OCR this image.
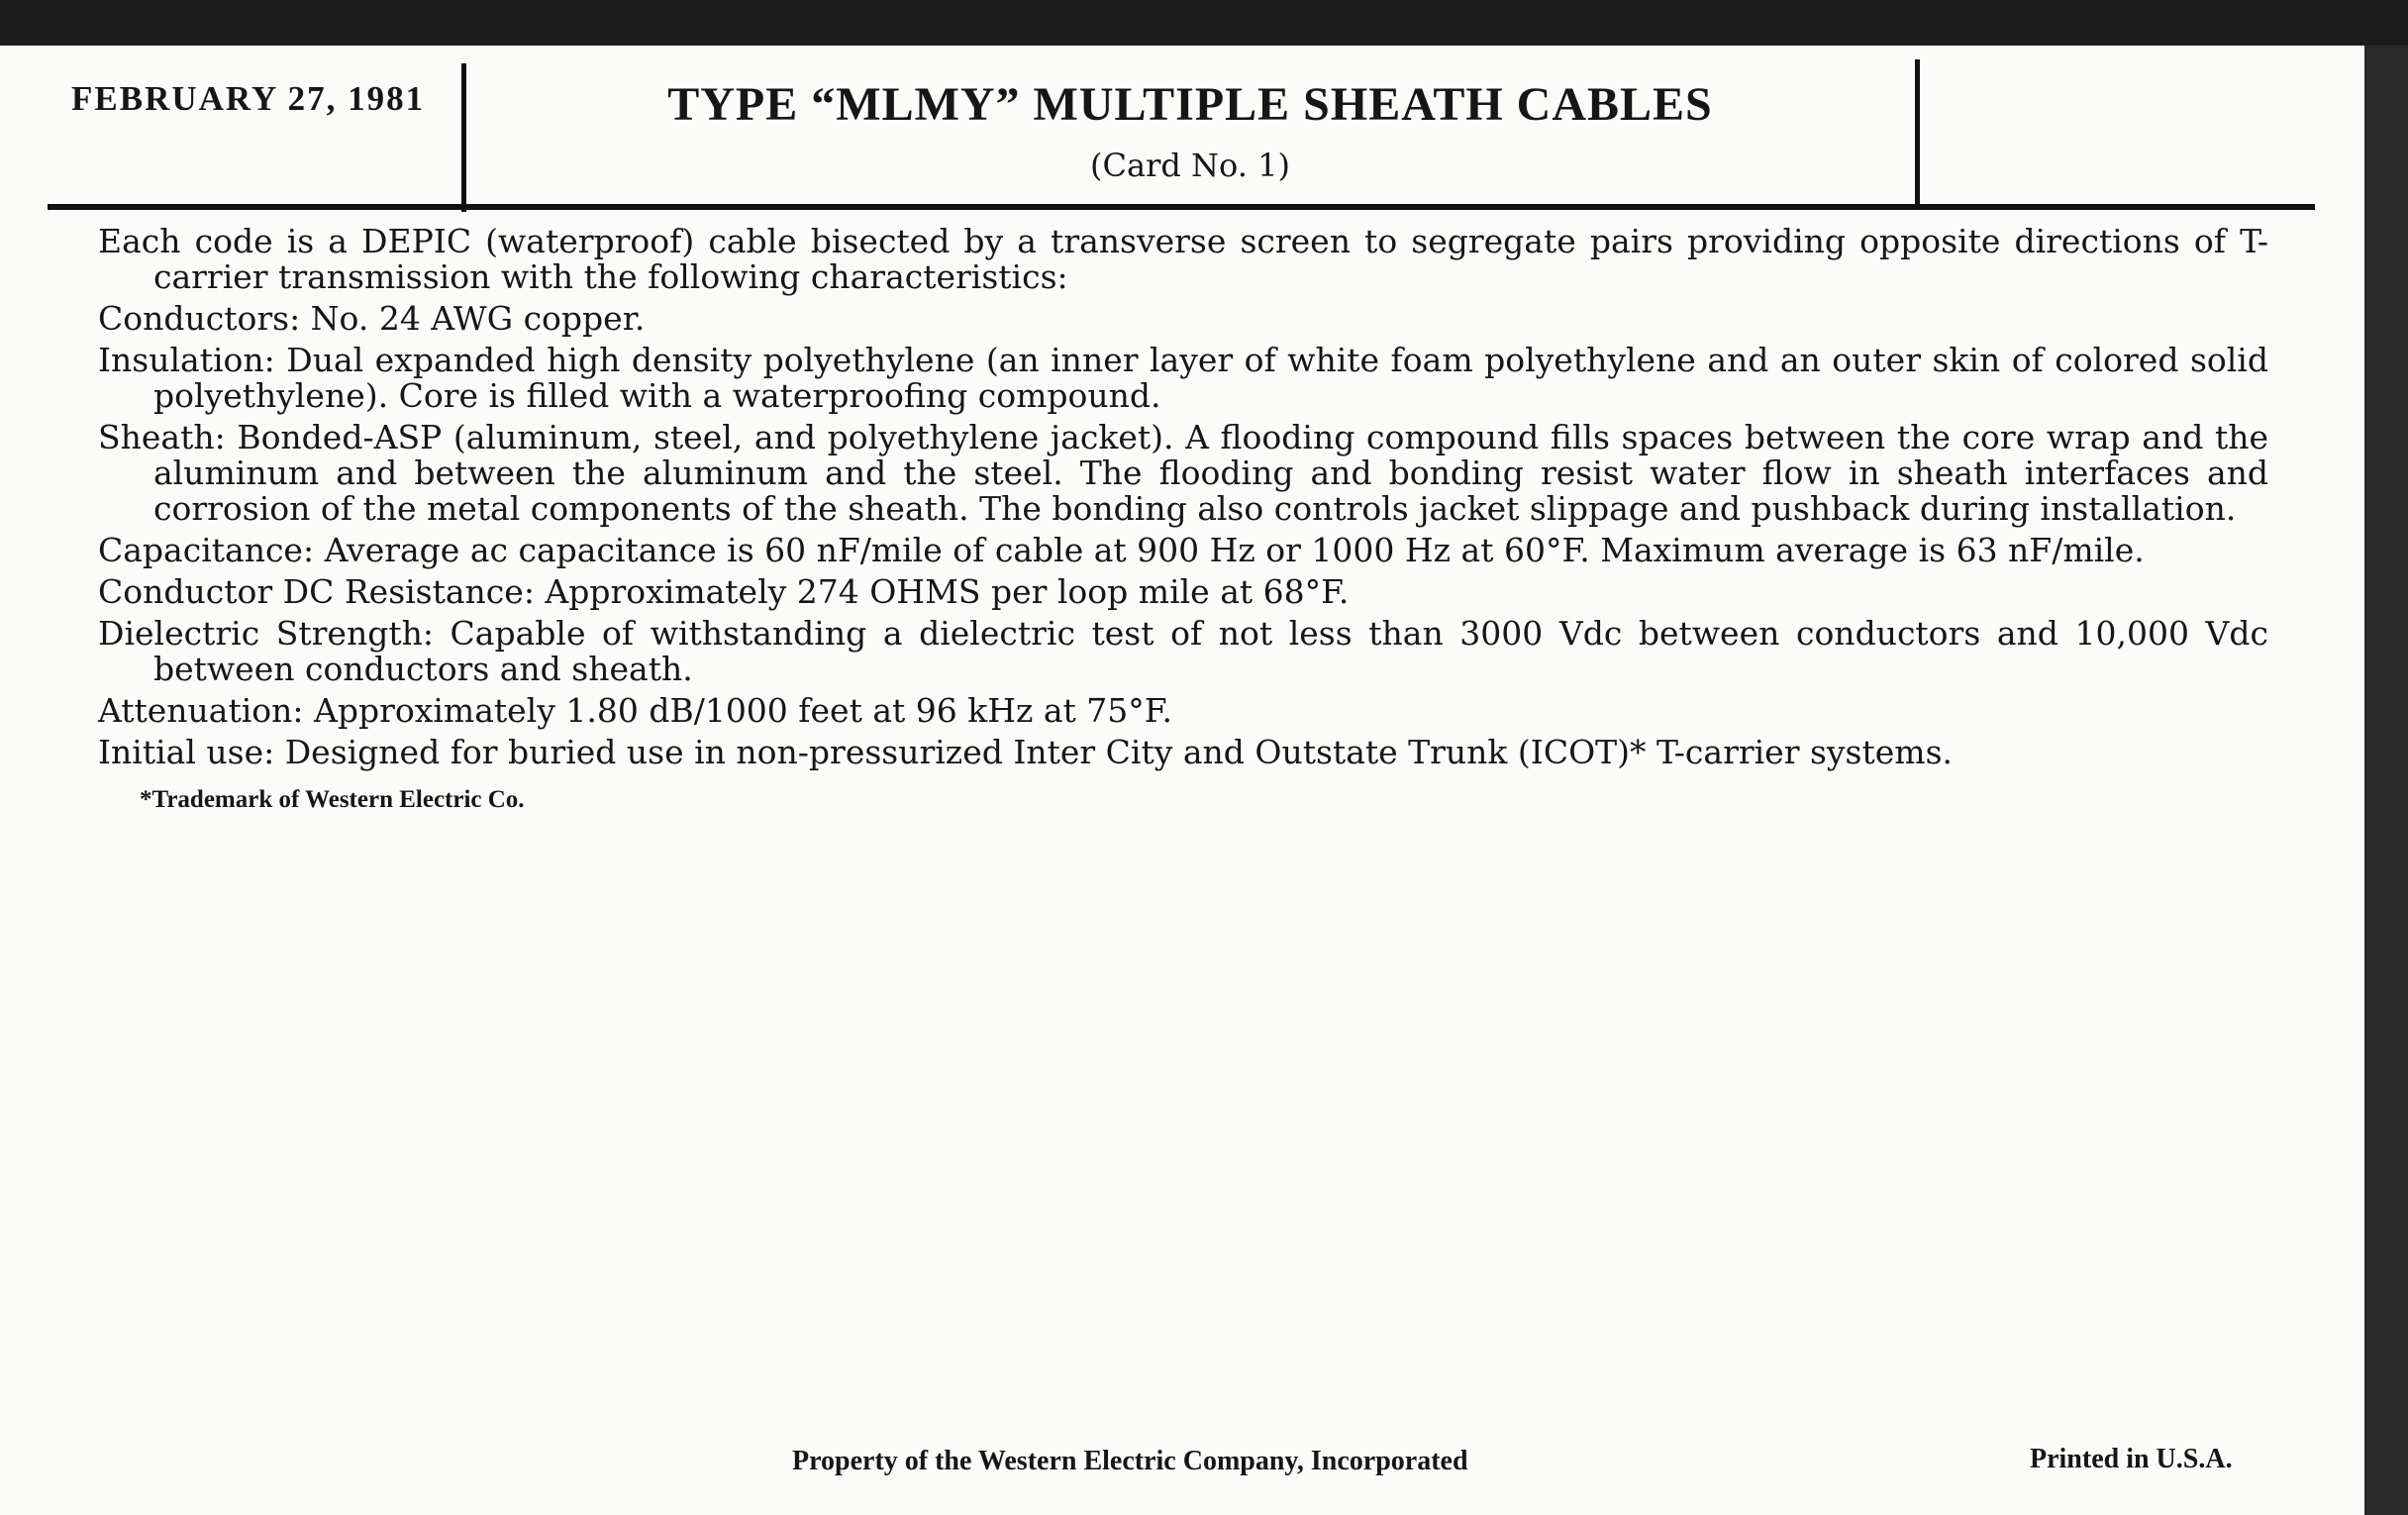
FEBRUARY 27, 1981	TYPE “MLMY” MULTIPLE SHEATH CABLES
(Card No. 1)

Each code is a DEPIC (waterproof) cable bisected by a transverse screen to segregate pairs providing opposite directions of T-carrier transmission with the following characteristics:

Conductors: No. 24 AWG copper.

Insulation: Dual expanded high density polyethylene (an inner layer of white foam polyethylene and an outer skin of colored solid polyethylene). Core is filled with a waterproofing compound.

Sheath: Bonded-ASP (aluminum, steel, and polyethylene jacket). A flooding compound fills spaces between the core wrap and the aluminum and between the aluminum and the steel. The flooding and bonding resist water flow in sheath interfaces and corrosion of the metal components of the sheath. The bonding also controls jacket slippage and pushback during installation.

Capacitance: Average ac capacitance is 60 nF/mile of cable at 900 Hz or 1000 Hz at 60°F. Maximum average is 63 nF/mile.

Conductor DC Resistance: Approximately 274 OHMS per loop mile at 68°F.

Dielectric Strength: Capable of withstanding a dielectric test of not less than 3000 Vdc between conductors and 10,000 Vdc between conductors and sheath.

Attenuation: Approximately 1.80 dB/1000 feet at 96 kHz at 75°F.

Initial use: Designed for buried use in non-pressurized Inter City and Outstate Trunk (ICOT)* T-carrier systems.

*Trademark of Western Electric Co.
Property of the Western Electric Company, Incorporated	Printed in U.S.A.
